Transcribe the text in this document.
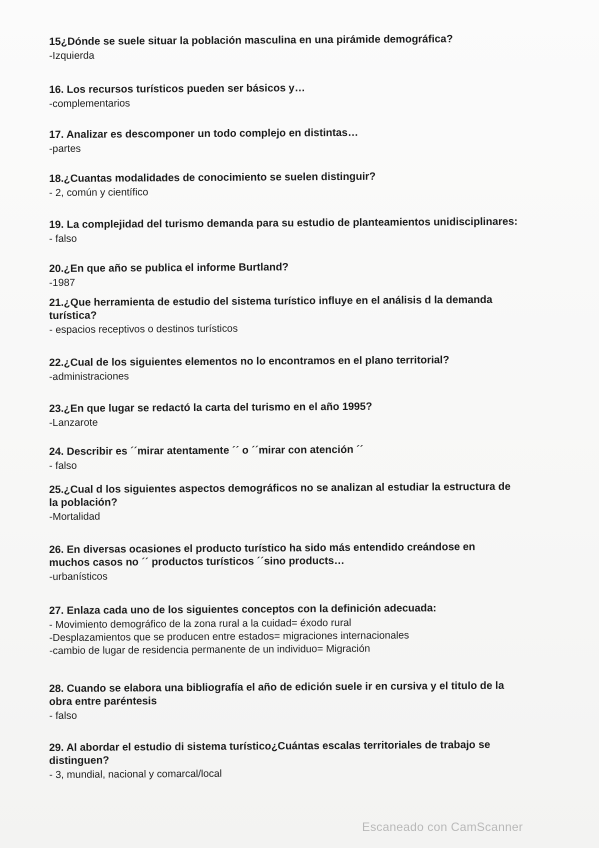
15¿Dónde se suele situar la población masculina en una pirámide demográfica?

-Izquierda

16. Los recursos turísticos pueden ser básicos y…

-complementarios

17. Analizar es descomponer un todo complejo en distintas…

-partes

18.¿Cuantas modalidades de conocimiento se suelen distinguir?

- 2, común y científico

19. La complejidad del turismo demanda para su estudio de planteamientos unidisciplinares:

- falso

20.¿En que año se publica el informe Burtland?

-1987

21.¿Que herramienta de estudio del sistema turístico influye en el análisis d la demanda turística?

- espacios receptivos o destinos turísticos

22.¿Cual de los siguientes elementos no lo encontramos en el plano territorial?

-administraciones

23.¿En que lugar se redactó la carta del turismo en el año 1995?

-Lanzarote

24. Describir es ´´mirar atentamente ´´ o ´´mirar con atención ´´

- falso

25.¿Cual d los siguientes aspectos demográficos no se analizan al estudiar la estructura de la población?

-Mortalidad

26. En diversas ocasiones el producto turístico ha sido más entendido creándose en muchos casos no ´´ productos turísticos ´´sino products…

-urbanísticos

27. Enlaza cada uno de los siguientes conceptos con la definición adecuada:

- Movimiento demográfico de la zona rural a la cuidad= éxodo rural
-Desplazamientos que se producen entre estados= migraciones internacionales
-cambio de lugar de residencia permanente de un individuo= Migración

28. Cuando se elabora una bibliografía el año de edición suele ir en cursiva y el titulo de la obra entre paréntesis

- falso

29. Al abordar el estudio di sistema turístico¿Cuántas escalas territoriales de trabajo se distinguen?

- 3, mundial, nacional y comarcal/local

Escaneado con CamScanner
